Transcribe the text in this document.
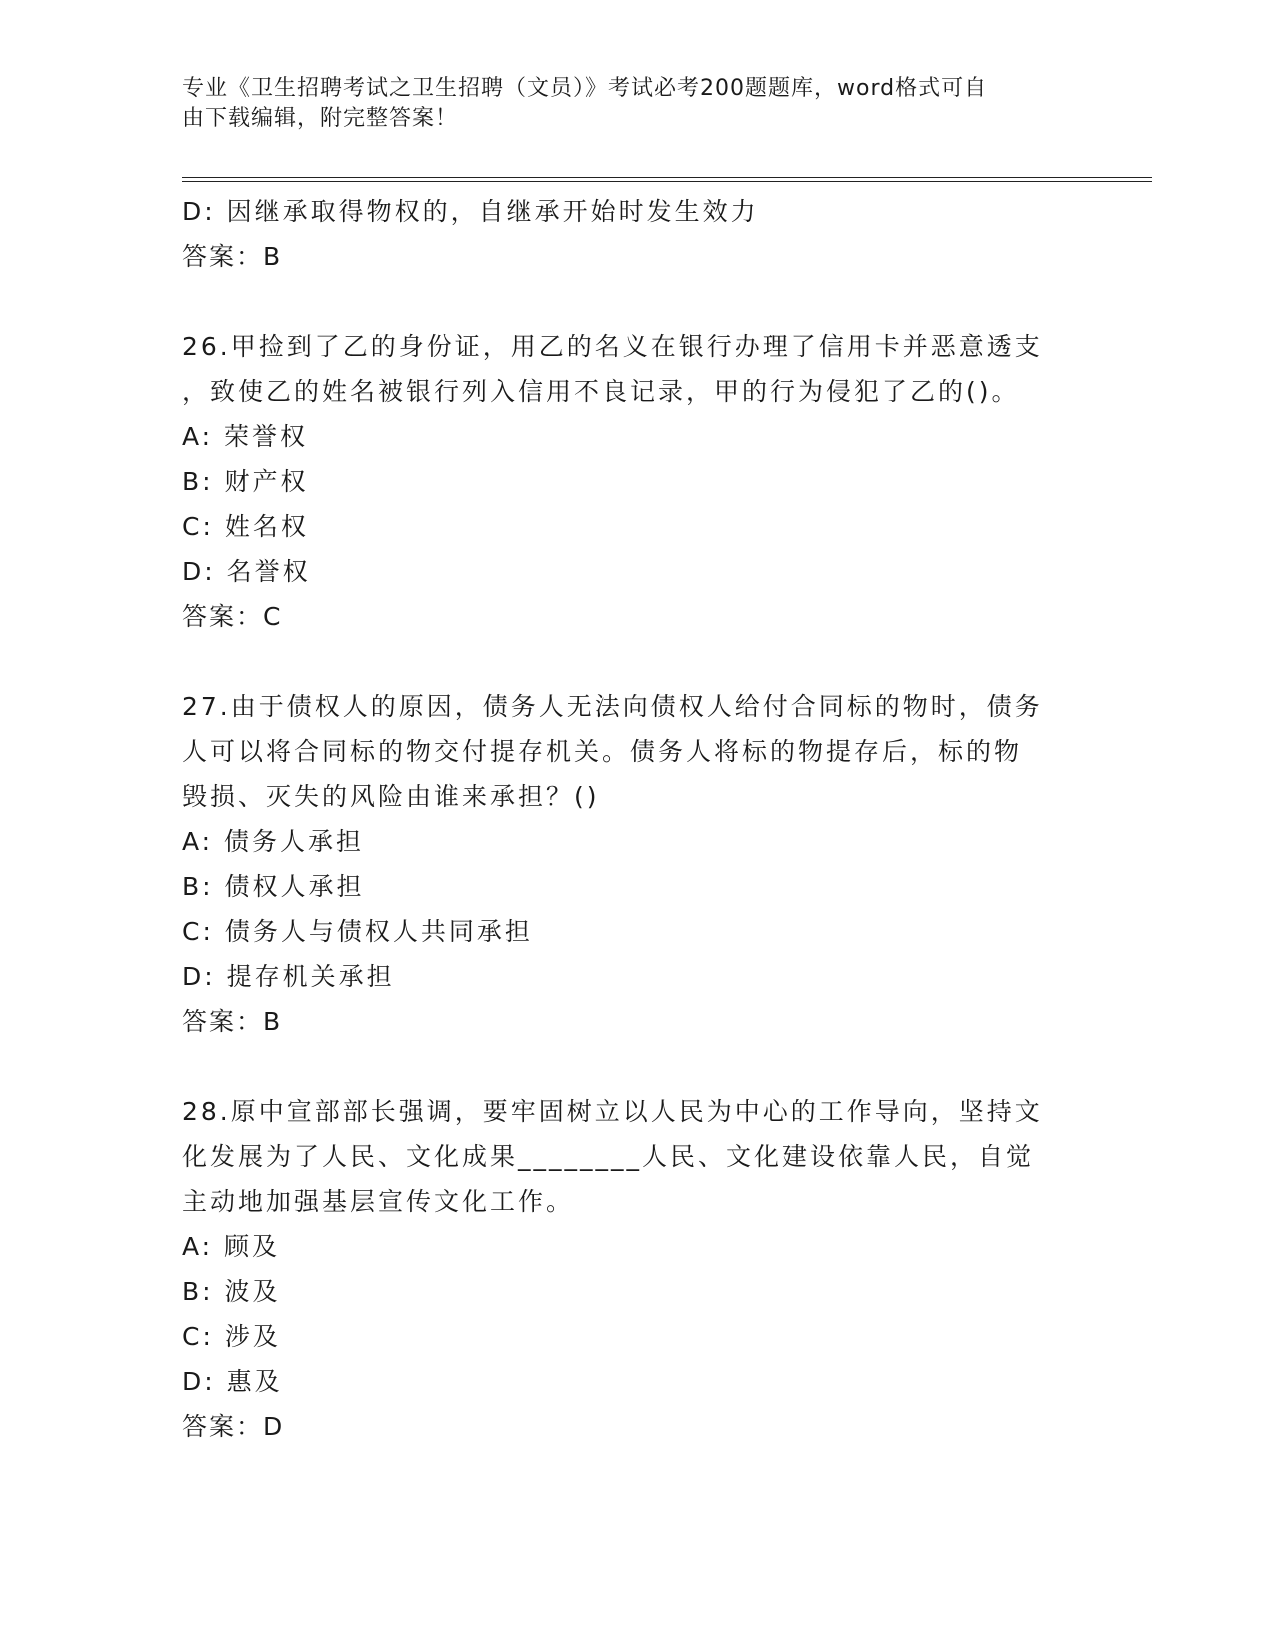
专业《卫生招聘考试之卫生招聘（文员）》考试必考200题题库，word格式可自
由下载编辑，附完整答案！
D: 因继承取得物权的，自继承开始时发生效力
答案：B
26.甲捡到了乙的身份证，用乙的名义在银行办理了信用卡并恶意透支
，致使乙的姓名被银行列入信用不良记录，甲的行为侵犯了乙的()。
A: 荣誉权
B: 财产权
C: 姓名权
D: 名誉权
答案：C
27.由于债权人的原因，债务人无法向债权人给付合同标的物时，债务
人可以将合同标的物交付提存机关。债务人将标的物提存后，标的物
毁损、灭失的风险由谁来承担？()
A: 债务人承担
B: 债权人承担
C: 债务人与债权人共同承担
D: 提存机关承担
答案：B
28.原中宣部部长强调，要牢固树立以人民为中心的工作导向，坚持文
化发展为了人民、文化成果________人民、文化建设依靠人民，自觉
主动地加强基层宣传文化工作。
A: 顾及
B: 波及
C: 涉及
D: 惠及
答案：D
